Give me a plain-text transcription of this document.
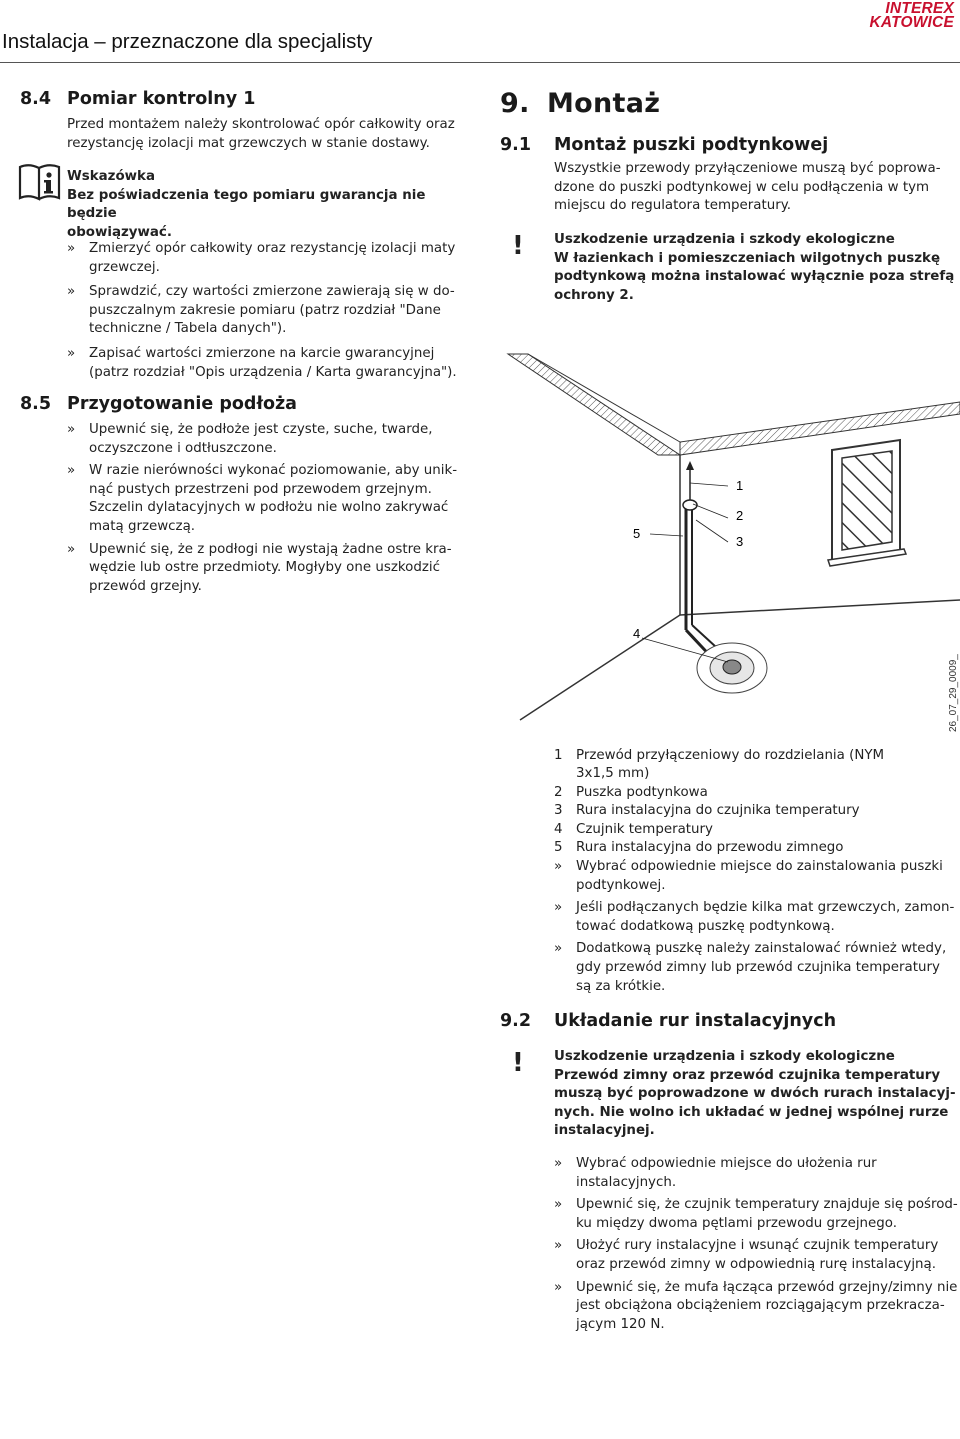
Instalacja – przeznaczone dla specjalisty
INTEREX
KATOWICE
8.4 Pomiar kontrolny 1
Przed montażem należy skontrolować opór całkowity oraz
rezystancję izolacji mat grzewczych w stanie dostawy.
Wskazówka
Bez poświadczenia tego pomiaru gwarancja nie będzie
obowiązywać.
» Zmierzyć opór całkowity oraz rezystancję izolacji maty
grzewczej.
» Sprawdzić, czy wartości zmierzone zawierają się w do-
puszczalnym zakresie pomiaru (patrz rozdział "Dane
techniczne / Tabela danych").
» Zapisać wartości zmierzone na karcie gwarancyjnej
(patrz rozdział "Opis urządzenia / Karta gwarancyjna").
8.5 Przygotowanie podłoża
» Upewnić się, że podłoże jest czyste, suche, twarde,
oczyszczone i odtłuszczone.
» W razie nierówności wykonać poziomowanie, aby unik-
nąć pustych przestrzeni pod przewodem grzejnym.
Szczelin dylatacyjnych w podłożu nie wolno zakrywać
matą grzewczą.
» Upewnić się, że z podłogi nie wystają żadne ostre kra-
wędzie lub ostre przedmioty. Mogłyby one uszkodzić
przewód grzejny.
9. Montaż
9.1 Montaż puszki podtynkowej
Wszystkie przewody przyłączeniowe muszą być poprowa-
dzone do puszki podtynkowej w celu podłączenia w tym
miejscu do regulatora temperatury.
! Uszkodzenie urządzenia i szkody ekologiczne
W łazienkach i pomieszczeniach wilgotnych puszkę
podtynkową można instalować wyłącznie poza strefą
ochrony 2.
1
2
3
4
5
26_07_29_0009_
1 Przewód przyłączeniowy do rozdzielania (NYM
3x1,5 mm)
2 Puszka podtynkowa
3 Rura instalacyjna do czujnika temperatury
4 Czujnik temperatury
5 Rura instalacyjna do przewodu zimnego
» Wybrać odpowiednie miejsce do zainstalowania puszki
podtynkowej.
» Jeśli podłączanych będzie kilka mat grzewczych, zamon-
tować dodatkową puszkę podtynkową.
» Dodatkową puszkę należy zainstalować również wtedy,
gdy przewód zimny lub przewód czujnika temperatury
są za krótkie.
9.2 Układanie rur instalacyjnych
! Uszkodzenie urządzenia i szkody ekologiczne
Przewód zimny oraz przewód czujnika temperatury
muszą być poprowadzone w dwóch rurach instalacyj-
nych. Nie wolno ich układać w jednej wspólnej rurze
instalacyjnej.
» Wybrać odpowiednie miejsce do ułożenia rur
instalacyjnych.
» Upewnić się, że czujnik temperatury znajduje się pośrod-
ku między dwoma pętlami przewodu grzejnego.
» Ułożyć rury instalacyjne i wsunąć czujnik temperatury
oraz przewód zimny w odpowiednią rurę instalacyjną.
» Upewnić się, że mufa łącząca przewód grzejny/zimny nie
jest obciążona obciążeniem rozciągającym przekracza-
jącym 120 N.
